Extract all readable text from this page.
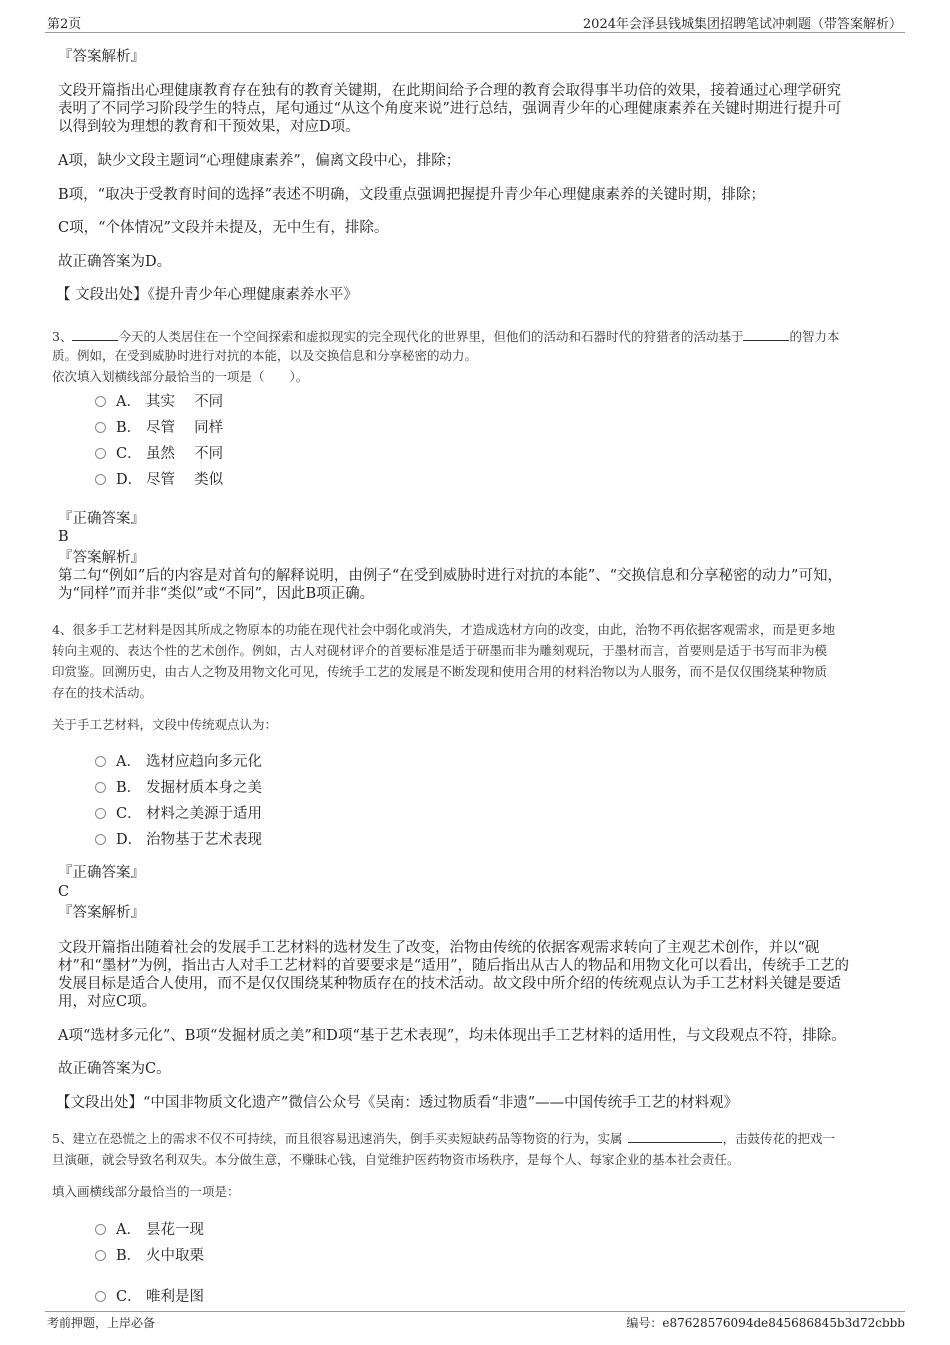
第2页	2024年会泽县钱城集团招聘笔试冲刺题（带答案解析）
『答案解析』
文段开篇指出心理健康教育存在独有的教育关键期，在此期间给予合理的教育会取得事半功倍的效果，接着通过心理学研究
表明了不同学习阶段学生的特点，尾句通过“从这个角度来说”进行总结，强调青少年的心理健康素养在关键时期进行提升可
以得到较为理想的教育和干预效果，对应D项。
A项，缺少文段主题词“心理健康素养”，偏离文段中心，排除；
B项，“取决于受教育时间的选择”表述不明确，文段重点强调把握提升青少年心理健康素养的关键时期，排除；
C项，“个体情况”文段并未提及，无中生有，排除。
故正确答案为D。
【 文段出处】《提升青少年心理健康素养水平》
3、	今天的人类居住在一个空间探索和虚拟现实的完全现代化的世界里，但他们的活动和石器时代的狩猎者的活动基于	的智力本
质。例如，在受到威胁时进行对抗的本能，以及交换信息和分享秘密的动力。
依次填入划横线部分最恰当的一项是（　　）。
A． 其实　 不同
B． 尽管　 同样
C． 虽然　 不同
D． 尽管　 类似
『正确答案』
B
『答案解析』
第二句“例如”后的内容是对首句的解释说明，由例子“在受到威胁时进行对抗的本能”、“交换信息和分享秘密的动力”可知，
为“同样”而并非“类似”或“不同”，因此B项正确。
4、很多手工艺材料是因其所成之物原本的功能在现代社会中弱化或消失，才造成选材方向的改变，由此，治物不再依据客观需求，而是更多地
转向主观的、表达个性的艺术创作。例如，古人对砚材评介的首要标准是适于研墨而非为雕刻观玩，于墨材而言，首要则是适于书写而非为模
印赏鉴。回溯历史，由古人之物及用物文化可见，传统手工艺的发展是不断发现和使用合用的材料治物以为人服务，而不是仅仅围绕某种物质
存在的技术活动。
关于手工艺材料，文段中传统观点认为：
A． 选材应趋向多元化
B． 发掘材质本身之美
C． 材料之美源于适用
D． 治物基于艺术表现
『正确答案』
C
『答案解析』
文段开篇指出随着社会的发展手工艺材料的选材发生了改变，治物由传统的依据客观需求转向了主观艺术创作，并以“砚
材”和“墨材”为例，指出古人对手工艺材料的首要要求是“适用”，随后指出从古人的物品和用物文化可以看出，传统手工艺的
发展目标是适合人使用，而不是仅仅围绕某种物质存在的技术活动。故文段中所介绍的传统观点认为手工艺材料关键是要适
用，对应C项。
A项“选材多元化”、B项“发掘材质之美”和D项“基于艺术表现”，均未体现出手工艺材料的适用性，与文段观点不符，排除。
故正确答案为C。
【文段出处】“中国非物质文化遗产”微信公众号《吴南：透过物质看“非遗”——中国传统手工艺的材料观》
5、建立在恐慌之上的需求不仅不可持续，而且很容易迅速消失，倒手买卖短缺药品等物资的行为，实属	，击鼓传花的把戏一
旦演砸，就会导致名利双失。本分做生意，不赚昧心钱，自觉维护医药物资市场秩序，是每个人、每家企业的基本社会责任。
填入画横线部分最恰当的一项是：
A． 昙花一现
B． 火中取栗
C． 唯利是图
考前押题，上岸必备	编号：e87628576094de845686845b3d72cbbb
